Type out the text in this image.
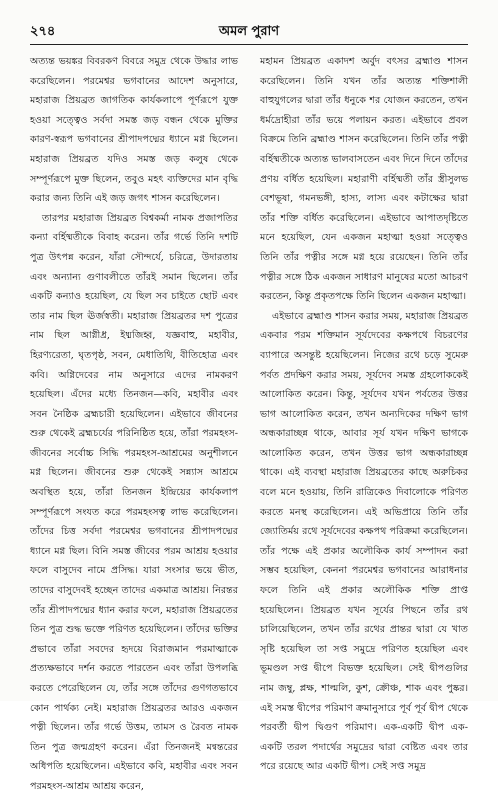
২৭৪	অমল পুরাণ

অত্যন্ত ভয়ঙ্কর বিবরকণ বিবরে সমুদ্র থেকে উদ্ধার লাভ করেছিলেন। পরমেশ্বর ভগবানের আদেশ অনুসারে, মহারাজ প্রিয়ব্রত জাগতিক কার্যকলাপে পূর্ণরূপে যুক্ত হওয়া সত্ত্বেও সর্বদা সমস্ত জড় বন্ধন থেকে মুক্তির কারণ-স্বরূপ ভগবানের শ্রীপাদপদ্মের ধ্যানে মগ্ন ছিলেন। মহারাজ প্রিয়ব্রত যদিও সমস্ত জড় কলুষ থেকে সম্পূর্ণরূপে মুক্ত ছিলেন, তবুও মহৎ ব্যক্তিদের মান বৃদ্ধি করার জন্য তিনি এই জড় জগৎ শাসন করেছিলেন।

তারপর মহারাজ প্রিয়ব্রত বিশ্বকর্মা নামক প্রজাপতির কন্যা বর্হিষ্মতীকে বিবাহ করেন। তাঁর গর্ভে তিনি দশটি পুত্র উৎপন্ন করেন, যাঁরা সৌন্দর্যে, চরিত্রে, উদারতায় এবং অন্যান্য গুণাবলীতে তাঁরই সমান ছিলেন। তাঁর একটি কন্যাও হয়েছিল, যে ছিল সব চাইতে ছোট এবং তার নাম ছিল ঊর্জস্বতী। মহারাজ প্রিয়ব্রতর দশ পুত্রের নাম ছিল আগ্নীধ্র, ইধ্মজিহ্ব, যজ্ঞবাহু, মহাবীর, হিরণ্যরেতা, ঘৃতপৃষ্ঠ, সবন, মেধাতিথি, বীতিহোত্র এবং কবি। অগ্নিদেবের নাম অনুসারে এদের নামকরণ হয়েছিল। এঁদের মধ্যে তিনজন—কবি, মহাবীর এবং সবন নৈষ্ঠিক ব্রহ্মচারী হয়েছিলেন। এইভাবে জীবনের শুরু থেকেই ব্রহ্মচর্যের পরিনিষ্ঠিত হয়ে, তাঁরা পরমহংস-জীবনের সর্বোচ্চ সিদ্ধি পরমহংস-আশ্রমের অনুশীলনে মগ্ন ছিলেন। জীবনের শুরু থেকেই সন্ন্যাস আশ্রমে অবস্থিত হয়ে, তাঁরা তিনজন ইন্দ্রিয়ের কার্যকলাপ সম্পূর্ণরূপে সংযত করে পরমহংসত্ব লাভ করেছিলেন। তাঁদের চিত্ত সর্বদা পরমেশ্বর ভগবানের শ্রীপাদপদ্মের ধ্যানে মগ্ন ছিল। বিনি সমস্ত জীবের পরম আশ্রয় হওয়ার ফলে বাসুদেব নামে প্রসিদ্ধ। যারা সংসার ভয়ে ভীত, তাদের বাসুদেবই হচ্ছেন তাদের একমাত্র আশ্রয়। নিরন্তর তাঁর শ্রীপাদপদ্মের ধ্যান করার ফলে, মহারাজ প্রিয়ব্রতের তিন পুত্র শুদ্ধ ভক্তে পরিণত হয়েছিলেন। তাঁদের ভক্তির প্রভাবে তাঁরা সবদের হৃদয়ে বিরাজমান পরমাত্মাকে প্রত্যক্ষভাবে দর্শন করতে পারতেন এবং তাঁরা উপলব্ধি করতে পেরেছিলেন যে, তাঁর সঙ্গে তাঁদের গুণগতভাবে কোন পার্থক্য নেই। মহারাজ প্রিয়ব্রতর আরও একজন পত্নী ছিলেন। তাঁর গর্ভে উত্তম, তামস ও রৈবত নামক তিন পুত্র জন্মগ্রহণ করেন। এঁরা তিনজনই মন্বন্তরের অধিপতি হয়েছিলেন। এইভাবে কবি, মহাবীর এবং সবন পরমহংস-আশ্রম আশ্রয় করেন,

মহামন প্রিয়ব্রত একাদশ অর্বুদ বৎসর ব্রহ্মাণ্ড শাসন করেছিলেন। তিনি যখন তাঁর অত্যন্ত শক্তিশালী বাহুযুগলের দ্বারা তাঁর ধনুকে শর যোজন করতেন, তখন ধর্মদ্রোহীরা তাঁর ভয়ে পলায়ন করত। এইভাবে প্রবল বিক্রমে তিনি ব্রহ্মাণ্ড শাসন করেছিলেন। তিনি তাঁর পত্নী বর্হিষ্মতীকে অত্যন্ত ভালবাসতেন এবং দিনে দিনে তাঁদের প্রণয় বর্ধিত হয়েছিল। মহারাণী বর্হিষ্মতী তাঁর স্ত্রীসুলভ বেশভূষা, গমনভঙ্গী, হাস্য, লাস্য এবং কটাক্ষের দ্বারা তাঁর শক্তি বর্ধিত করেছিলেন। এইভাবে আপাতদৃষ্টিতে মনে হয়েছিল, যেন একজন মহাত্মা হওয়া সত্ত্বেও তিনি তাঁর পত্নীর সঙ্গে মগ্ন হয়ে রয়েছেন। তিনি তাঁর পত্নীর সঙ্গে ঠিক একজন সাধারণ মানুষের মতো আচরণ করতেন, কিন্তু প্রকৃতপক্ষে তিনি ছিলেন একজন মহাত্মা।

এইভাবে ব্রহ্মাণ্ড শাসন করার সময়, মহারাজ প্রিয়ব্রত একবার পরম শক্তিমান সূর্যদেবের কক্ষপথে বিচরণের ব্যাপারে অসন্তুষ্ট হয়েছিলেন। নিজের রথে চড়ে সুমেরু পর্বত প্রদক্ষিণ করার সময়, সূর্যদেব সমস্ত গ্রহলোককেই আলোকিত করেন। কিন্তু, সূর্যদেব যখন পর্বতের উত্তর ভাগ আলোকিত করেন, তখন অন্যদিকের দক্ষিণ ভাগ অন্ধকারাচ্ছন্ন থাকে, আবার সূর্য যখন দক্ষিণ ভাগকে আলোকিত করেন, তখন উত্তর ভাগ অন্ধকারাচ্ছন্ন থাকে। এই ব্যবস্থা মহারাজ প্রিয়ব্রতের কাছে অরুচিকর বলে মনে হওয়ায়, তিনি রাত্রিকেও দিবালোকে পরিণত করতে মনস্থ করেছিলেন। এই অভিপ্রায়ে তিনি তাঁর জ্যোতির্ময় রথে সূর্যদেবের কক্ষপথ পরিক্রমা করেছিলেন। তাঁর পক্ষে এই প্রকার অলৌকিক কার্য সম্পাদন করা সম্ভব হয়েছিল, কেননা পরমেশ্বর ভগবানের আরাধনার ফলে তিনি এই প্রকার অলৌকিক শক্তি প্রাপ্ত হয়েছিলেন। প্রিয়ব্রত যখন সূর্যের পিছনে তাঁর রথ চালিয়েছিলেন, তখন তাঁর রথের প্রান্তর দ্বারা যে খাত সৃষ্টি হয়েছিল তা সপ্ত সমুদ্রে পরিণত হয়েছিল এবং ভূমণ্ডল সপ্ত দ্বীপে বিভক্ত হয়েছিল। সেই দ্বীপগুলির নাম জম্বু, প্লক্ষ, শাল্মলি, কুশ, ক্রৌঞ্চ, শাক এবং পুষ্কর। এই সমস্ত দ্বীপের পরিমাণ ক্রমানুসারে পূর্ব পূর্ব দ্বীপ থেকে পরবর্তী দ্বীপ দ্বিগুণ পরিমাণ। এক-একটি দ্বীপ এক-একটি তরল পদার্থের সমুদ্রের দ্বারা বেষ্টিত এবং তার পরে রয়েছে আর একটি দ্বীপ। সেই সপ্ত সমুদ্র
